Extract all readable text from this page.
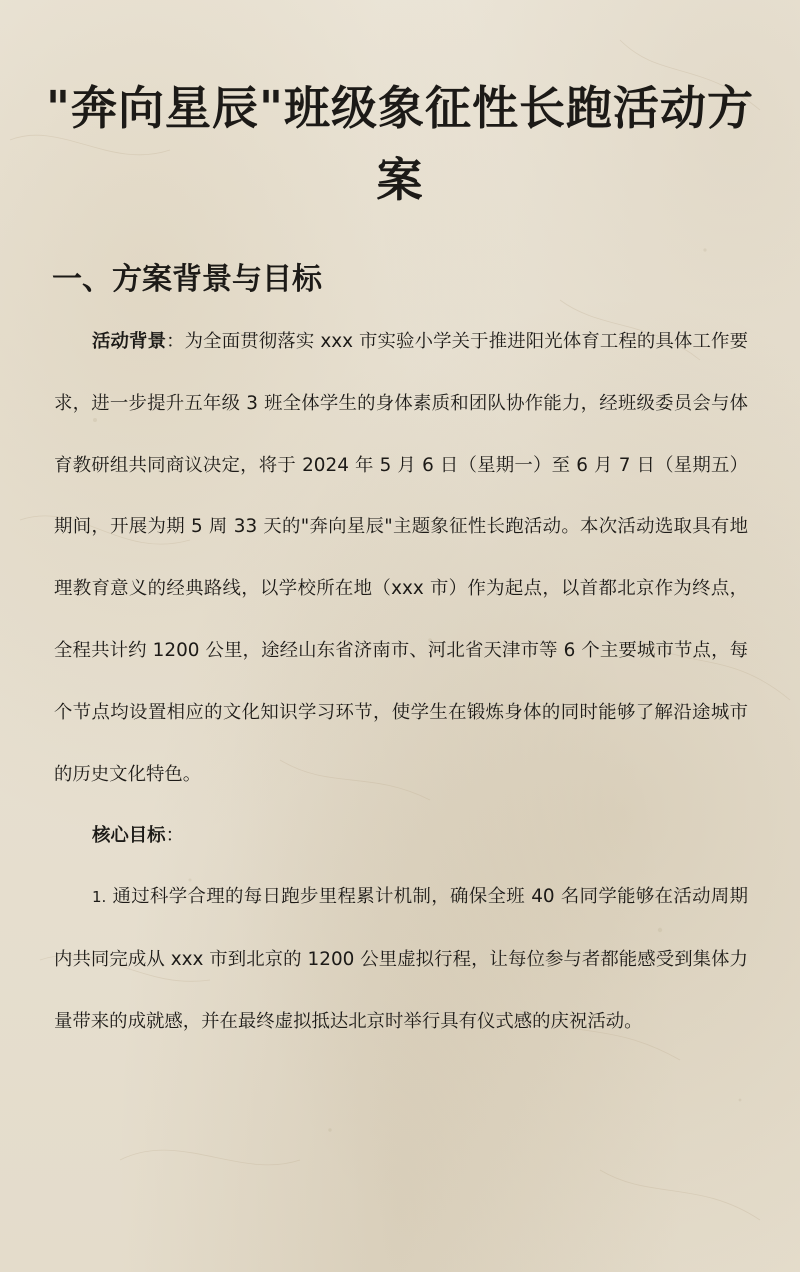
"奔向星辰"班级象征性长跑活动方案
一、方案背景与目标

活动背景：为全面贯彻落实 xxx 市实验小学关于推进阳光体育工程的具体工作要求，进一步提升五年级 3 班全体学生的身体素质和团队协作能力，经班级委员会与体育教研组共同商议决定，将于 2024 年 5 月 6 日（星期一）至 6 月 7 日（星期五）期间，开展为期 5 周 33 天的"奔向星辰"主题象征性长跑活动。本次活动选取具有地理教育意义的经典路线，以学校所在地（xxx 市）作为起点，以首都北京作为终点，全程共计约 1200 公里，途经山东省济南市、河北省天津市等 6 个主要城市节点，每个节点均设置相应的文化知识学习环节，使学生在锻炼身体的同时能够了解沿途城市的历史文化特色。

核心目标：

1. 通过科学合理的每日跑步里程累计机制，确保全班 40 名同学能够在活动周期内共同完成从 xxx 市到北京的 1200 公里虚拟行程，让每位参与者都能感受到集体力量带来的成就感，并在最终虚拟抵达北京时举行具有仪式感的庆祝活动。
